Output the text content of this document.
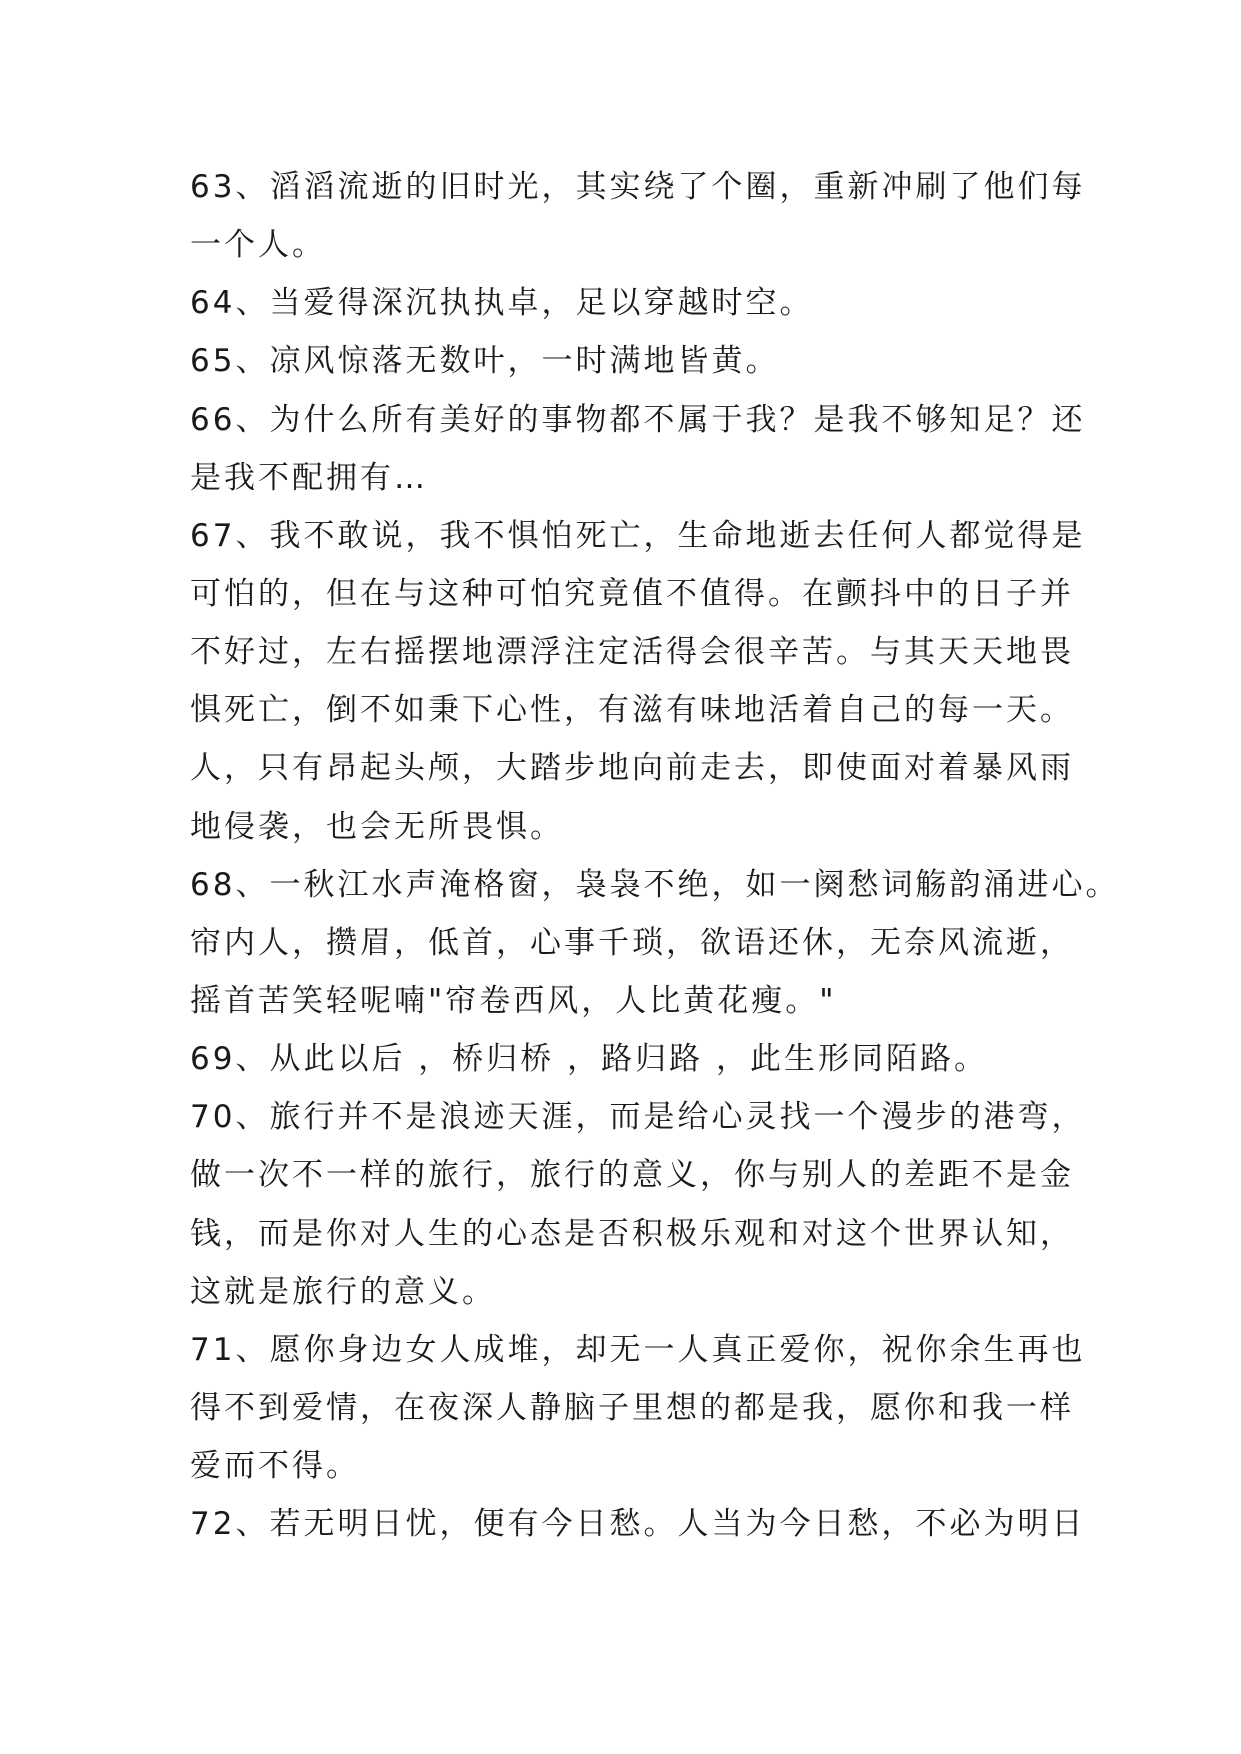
63、滔滔流逝的旧时光，其实绕了个圈，重新冲刷了他们每
一个人。
64、当爱得深沉执执卓，足以穿越时空。
65、凉风惊落无数叶，一时满地皆黄。
66、为什么所有美好的事物都不属于我？是我不够知足？还
是我不配拥有…
67、我不敢说，我不惧怕死亡，生命地逝去任何人都觉得是
可怕的，但在与这种可怕究竟值不值得。在颤抖中的日子并
不好过，左右摇摆地漂浮注定活得会很辛苦。与其天天地畏
惧死亡，倒不如秉下心性，有滋有味地活着自己的每一天。
人，只有昂起头颅，大踏步地向前走去，即使面对着暴风雨
地侵袭，也会无所畏惧。
68、一秋江水声淹格窗，袅袅不绝，如一阕愁词觞韵涌进心。
帘内人，攒眉，低首，心事千琐，欲语还休，无奈风流逝，
摇首苦笑轻呢喃"帘卷西风，人比黄花瘦。"
69、从此以后 ，桥归桥 ，路归路 ，此生形同陌路。
70、旅行并不是浪迹天涯，而是给心灵找一个漫步的港弯，
做一次不一样的旅行，旅行的意义，你与别人的差距不是金
钱，而是你对人生的心态是否积极乐观和对这个世界认知，
这就是旅行的意义。
71、愿你身边女人成堆，却无一人真正爱你，祝你余生再也
得不到爱情，在夜深人静脑子里想的都是我，愿你和我一样
爱而不得。
72、若无明日忧，便有今日愁。人当为今日愁，不必为明日
